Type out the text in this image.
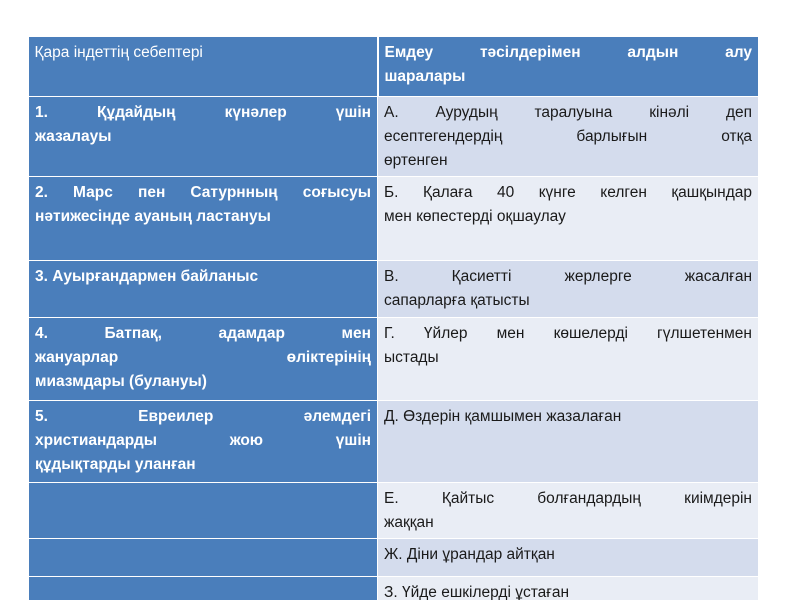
Қара індеттің себептері	Емдеу тәсілдерімен алдын алу
шаралары

1. Құдайдың күнәлер үшін
жазалауы	А. Аурудың таралуына кінәлі деп
есептегендердің барлығын отқа
өртенген

2. Марс пен Сатурнның соғысуы
нәтижесінде ауаның ластануы	Б. Қалаға 40 күнге келген қашқындар
мен көпестерді оқшаулау
3. Ауырғандармен байланыс	В. Қасиетті жерлерге жасалған
сапарларға қатысты

4. Батпақ, адамдар мен
жануарлар өліктерінің
миазмдары (булануы)	Г. Үйлер мен көшелерді гүлшетенмен
ыстады

5. Евреилер әлемдегі
христиандарды жою үшін
құдықтарды уланған	Д. Өздерін қамшымен жазалаған

	Е. Қайтыс болғандардың киімдерін
жаққан
	Ж. Діни ұрандар айтқан
	З. Үйде ешкілерді ұстаған
